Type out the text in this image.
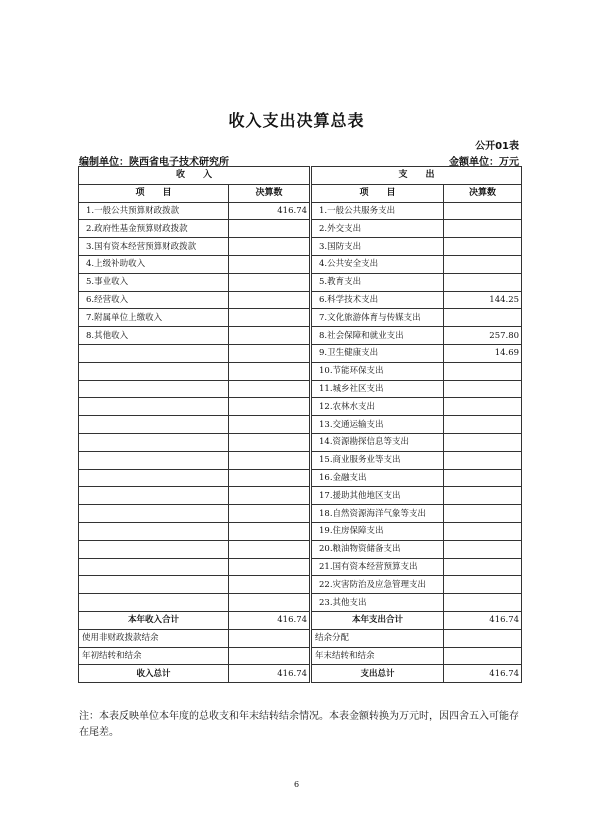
收入支出决算总表
公开01表
编制单位：陕西省电子技术研究所	金额单位：万元
收　　入		支　　出	
项　　目	决算数	项　　目	决算数
1.一般公共预算财政拨款	416.74	1.一般公共服务支出	
2.政府性基金预算财政拨款		2.外交支出	
3.国有资本经营预算财政拨款		3.国防支出	
4.上级补助收入		4.公共安全支出	
5.事业收入		5.教育支出	
6.经营收入		6.科学技术支出	144.25
7.附属单位上缴收入		7.文化旅游体育与传媒支出	
8.其他收入		8.社会保障和就业支出	257.80
		9.卫生健康支出	14.69
		10.节能环保支出	
		11.城乡社区支出	
		12.农林水支出	
		13.交通运输支出	
		14.资源勘探信息等支出	
		15.商业服务业等支出	
		16.金融支出	
		17.援助其他地区支出	
		18.自然资源海洋气象等支出	
		19.住房保障支出	
		20.粮油物资储备支出	
		21.国有资本经营预算支出	
		22.灾害防治及应急管理支出	
		23.其他支出	
本年收入合计	416.74	本年支出合计	416.74
使用非财政拨款结余		结余分配	
年初结转和结余		年末结转和结余	
收入总计	416.74	支出总计	416.74
注：本表反映单位本年度的总收支和年末结转结余情况。本表金额转换为万元时，因四舍五入可能存在尾差。
6
